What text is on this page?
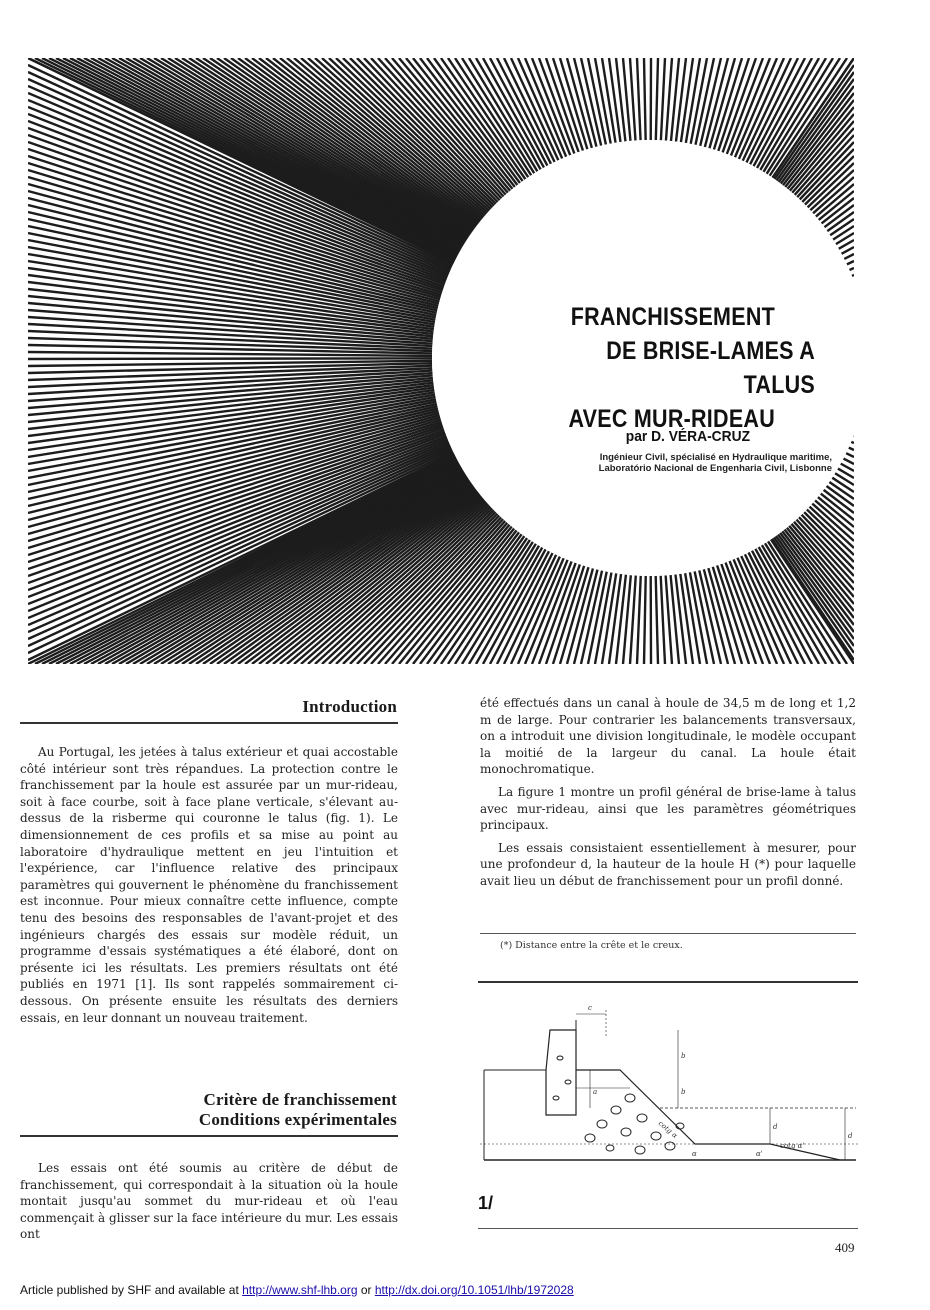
FRANCHISSEMENT
DE BRISE-LAMES A TALUS
AVEC MUR-RIDEAU
par D. VÉRA-CRUZ
Ingénieur Civil, spécialisé en Hydraulique maritime,
Laboratório Nacional de Engenharia Civil, Lisbonne
Introduction

Au Portugal, les jetées à talus extérieur et quai accostable côté intérieur sont très répandues. La protection contre le franchissement par la houle est assurée par un mur-rideau, soit à face courbe, soit à face plane verticale, s'élevant au-dessus de la risberme qui couronne le talus (fig. 1). Le dimensionnement de ces profils et sa mise au point au laboratoire d'hydraulique mettent en jeu l'intuition et l'expérience, car l'influence relative des principaux paramètres qui gouvernent le phénomène du franchissement est inconnue. Pour mieux connaître cette influence, compte tenu des besoins des responsables de l'avant-projet et des ingénieurs chargés des essais sur modèle réduit, un programme d'essais systématiques a été élaboré, dont on présente ici les résultats. Les premiers résultats ont été publiés en 1971 [1]. Ils sont rappelés sommairement ci-dessous. On présente ensuite les résultats des derniers essais, en leur donnant un nouveau traitement.

Critère de franchissement
Conditions expérimentales

Les essais ont été soumis au critère de début de franchissement, qui correspondait à la situation où la houle montait jusqu'au sommet du mur-rideau et où l'eau commençait à glisser sur la face intérieure du mur. Les essais ont

été effectués dans un canal à houle de 34,5 m de long et 1,2 m de large. Pour contrarier les balancements transversaux, on a introduit une division longitudinale, le modèle occupant la moitié de la largeur du canal. La houle était monochromatique.

La figure 1 montre un profil général de brise-lame à talus avec mur-rideau, ainsi que les paramètres géométriques principaux.

Les essais consistaient essentiellement à mesurer, pour une profondeur d, la hauteur de la houle H (*) pour laquelle avait lieu un début de franchissement pour un profil donné.

(*) Distance entre la crête et le creux.
c
b
a	b
d
d
cotg α
cotg α'
α	α'
1/
409
Article published by SHF and available at http://www.shf-lhb.org or http://dx.doi.org/10.1051/lhb/1972028
